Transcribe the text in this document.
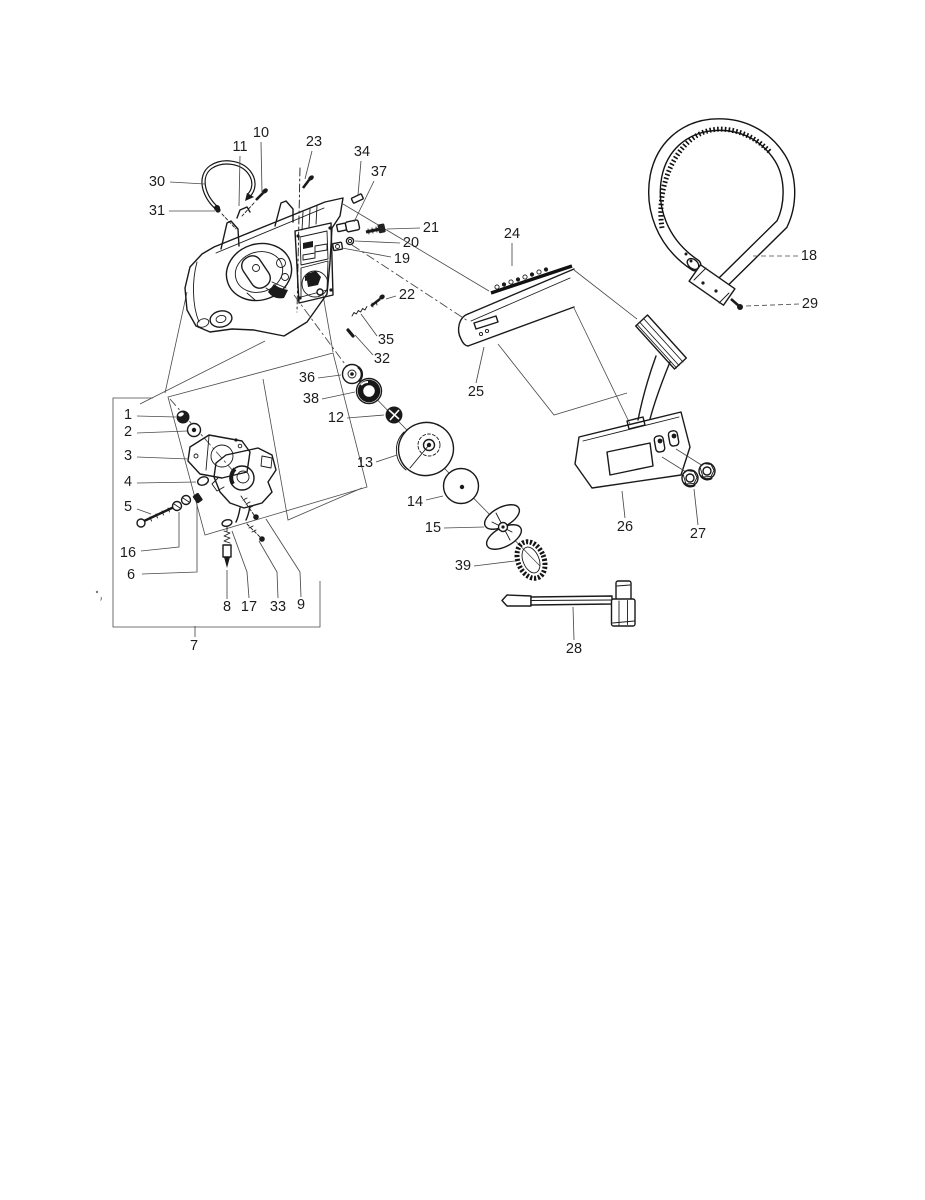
30
31
11
10
23
34
37
21
20
19
22
35
32
36
38
12
13
14
15
39
24
25
18
29
26	27
28
1
2
3
4
5
16
6
8 17 33 9
7
